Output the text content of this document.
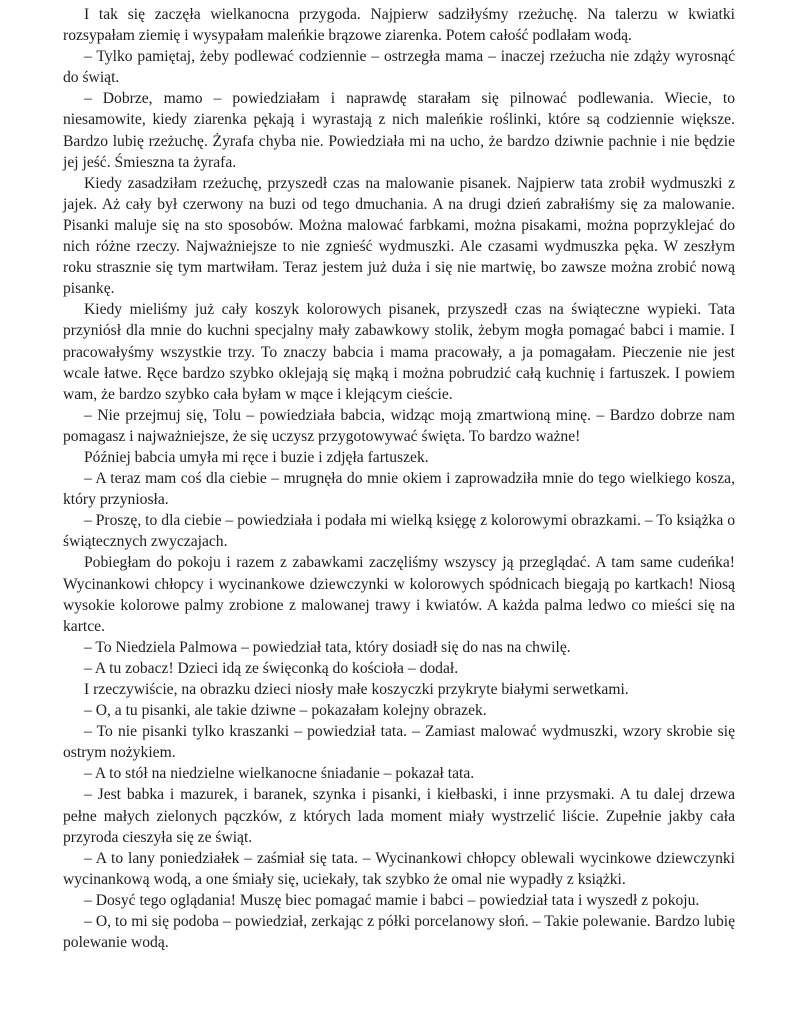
I tak się zaczęła wielkanocna przygoda. Najpierw sadziłyśmy rzeżuchę. Na talerzu w kwiatki rozsypałam ziemię i wysypałam maleńkie brązowe ziarenka. Potem całość podlałam wodą.

– Tylko pamiętaj, żeby podlewać codziennie – ostrzegła mama – inaczej rzeżucha nie zdąży wyrosnąć do świąt.

– Dobrze, mamo – powiedziałam i naprawdę starałam się pilnować podlewania. Wiecie, to niesamowite, kiedy ziarenka pękają i wyrastają z nich maleńkie roślinki, które są codziennie większe. Bardzo lubię rzeżuchę. Żyrafa chyba nie. Powiedziała mi na ucho, że bardzo dziwnie pachnie i nie będzie jej jeść. Śmieszna ta żyrafa.

Kiedy zasadziłam rzeżuchę, przyszedł czas na malowanie pisanek. Najpierw tata zrobił wydmuszki z jajek. Aż cały był czerwony na buzi od tego dmuchania. A na drugi dzień zabrałiśmy się za malowanie. Pisanki maluje się na sto sposobów. Można malować farbkami, można pisakami, można poprzyklejać do nich różne rzeczy. Najważniejsze to nie zgnieść wydmuszki. Ale czasami wydmuszka pęka. W zeszłym roku strasznie się tym martwiłam. Teraz jestem już duża i się nie martwię, bo zawsze można zrobić nową pisankę.

Kiedy mieliśmy już cały koszyk kolorowych pisanek, przyszedł czas na świąteczne wypieki. Tata przyniósł dla mnie do kuchni specjalny mały zabawkowy stolik, żebym mogła pomagać babci i mamie. I pracowałyśmy wszystkie trzy. To znaczy babcia i mama pracowały, a ja pomagałam. Pieczenie nie jest wcale łatwe. Ręce bardzo szybko oklejają się mąką i można pobrudzić całą kuchnię i fartuszek. I powiem wam, że bardzo szybko cała byłam w mące i klejącym cieście.

– Nie przejmuj się, Tolu – powiedziała babcia, widząc moją zmartwioną minę. – Bardzo dobrze nam pomagasz i najważniejsze, że się uczysz przygotowywać święta. To bardzo ważne!

Później babcia umyła mi ręce i buzie i zdjęła fartuszek.

– A teraz mam coś dla ciebie – mrugnęła do mnie okiem i zaprowadziła mnie do tego wielkiego kosza, który przyniosła.

– Proszę, to dla ciebie – powiedziała i podała mi wielką księgę z kolorowymi obrazkami. – To książka o świątecznych zwyczajach.

Pobiegłam do pokoju i razem z zabawkami zaczęliśmy wszyscy ją przeglądać. A tam same cudeńka! Wycinankowi chłopcy i wycinankowe dziewczynki w kolorowych spódnicach biegają po kartkach! Niosą wysokie kolorowe palmy zrobione z malowanej trawy i kwiatów. A każda palma ledwo co mieści się na kartce.

– To Niedziela Palmowa – powiedział tata, który dosiadł się do nas na chwilę.

– A tu zobacz! Dzieci idą ze święconką do kościoła – dodał.

I rzeczywiście, na obrazku dzieci niosły małe koszyczki przykryte białymi serwetkami.

– O, a tu pisanki, ale takie dziwne – pokazałam kolejny obrazek.

– To nie pisanki tylko kraszanki – powiedział tata. – Zamiast malować wydmuszki, wzory skrobie się ostrym nożykiem.

– A to stół na niedzielne wielkanocne śniadanie – pokazał tata.

– Jest babka i mazurek, i baranek, szynka i pisanki, i kiełbaski, i inne przysmaki. A tu dalej drzewa pełne małych zielonych pączków, z których lada moment miały wystrzelić liście. Zupełnie jakby cała przyroda cieszyła się ze świąt.

– A to lany poniedziałek – zaśmiał się tata. – Wycinankowi chłopcy oblewali wycinkowe dziewczynki wycinankową wodą, a one śmiały się, uciekały, tak szybko że omal nie wypadły z książki.

– Dosyć tego oglądania! Muszę biec pomagać mamie i babci – powiedział tata i wyszedł z pokoju.

– O, to mi się podoba – powiedział, zerkając z półki porcelanowy słoń. – Takie polewanie. Bardzo lubię polewanie wodą.
